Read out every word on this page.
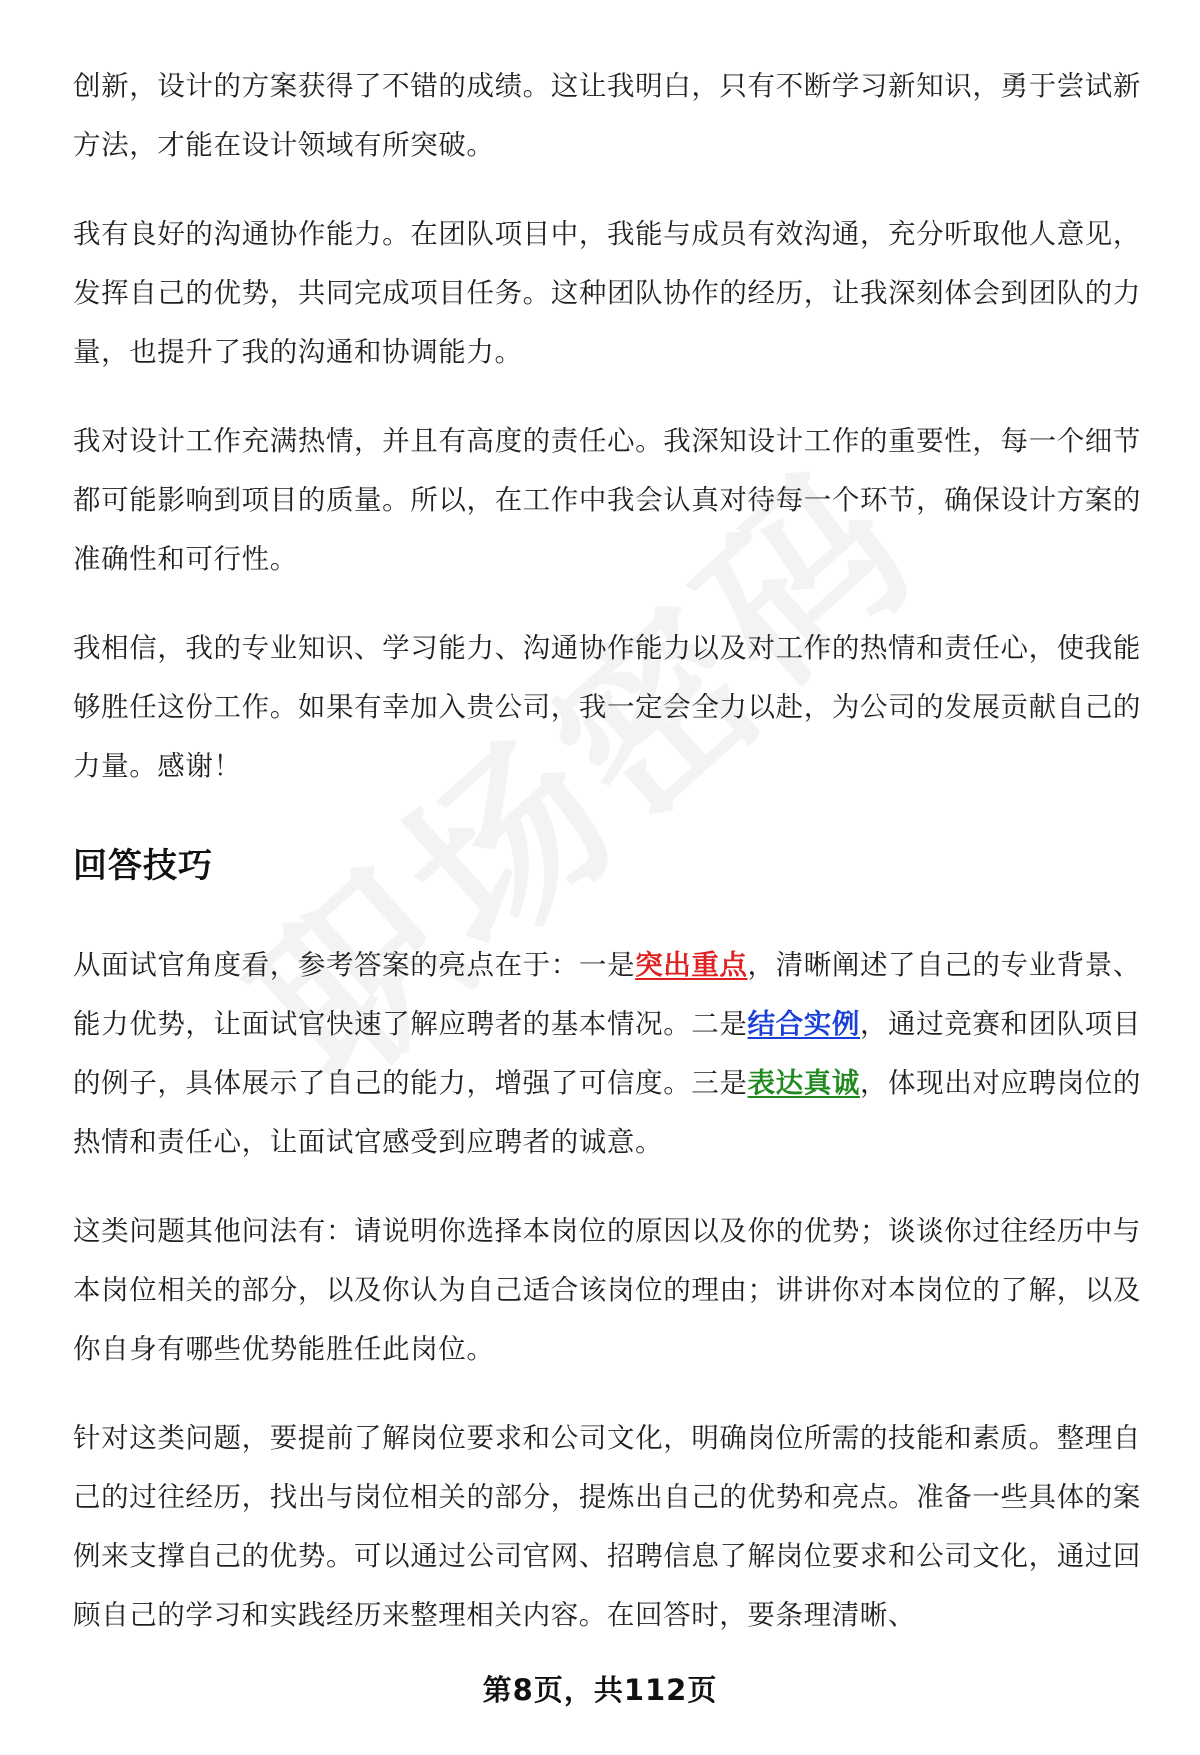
创新，设计的方案获得了不错的成绩。这让我明白，只有不断学习新知识，勇于尝试新方法，才能在设计领域有所突破。

我有良好的沟通协作能力。在团队项目中，我能与成员有效沟通，充分听取他人意见，发挥自己的优势，共同完成项目任务。这种团队协作的经历，让我深刻体会到团队的力量，也提升了我的沟通和协调能力。

我对设计工作充满热情，并且有高度的责任心。我深知设计工作的重要性，每一个细节都可能影响到项目的质量。所以，在工作中我会认真对待每一个环节，确保设计方案的准确性和可行性。

我相信，我的专业知识、学习能力、沟通协作能力以及对工作的热情和责任心，使我能够胜任这份工作。如果有幸加入贵公司，我一定会全力以赴，为公司的发展贡献自己的力量。感谢！

回答技巧

从面试官角度看，参考答案的亮点在于：一是突出重点，清晰阐述了自己的专业背景、能力优势，让面试官快速了解应聘者的基本情况。二是结合实例，通过竞赛和团队项目的例子，具体展示了自己的能力，增强了可信度。三是表达真诚，体现出对应聘岗位的热情和责任心，让面试官感受到应聘者的诚意。

这类问题其他问法有：请说明你选择本岗位的原因以及你的优势；谈谈你过往经历中与本岗位相关的部分，以及你认为自己适合该岗位的理由；讲讲你对本岗位的了解，以及你自身有哪些优势能胜任此岗位。

针对这类问题，要提前了解岗位要求和公司文化，明确岗位所需的技能和素质。整理自己的过往经历，找出与岗位相关的部分，提炼出自己的优势和亮点。准备一些具体的案例来支撑自己的优势。可以通过公司官网、招聘信息了解岗位要求和公司文化，通过回顾自己的学习和实践经历来整理相关内容。在回答时，要条理清晰、

第8页，共112页
